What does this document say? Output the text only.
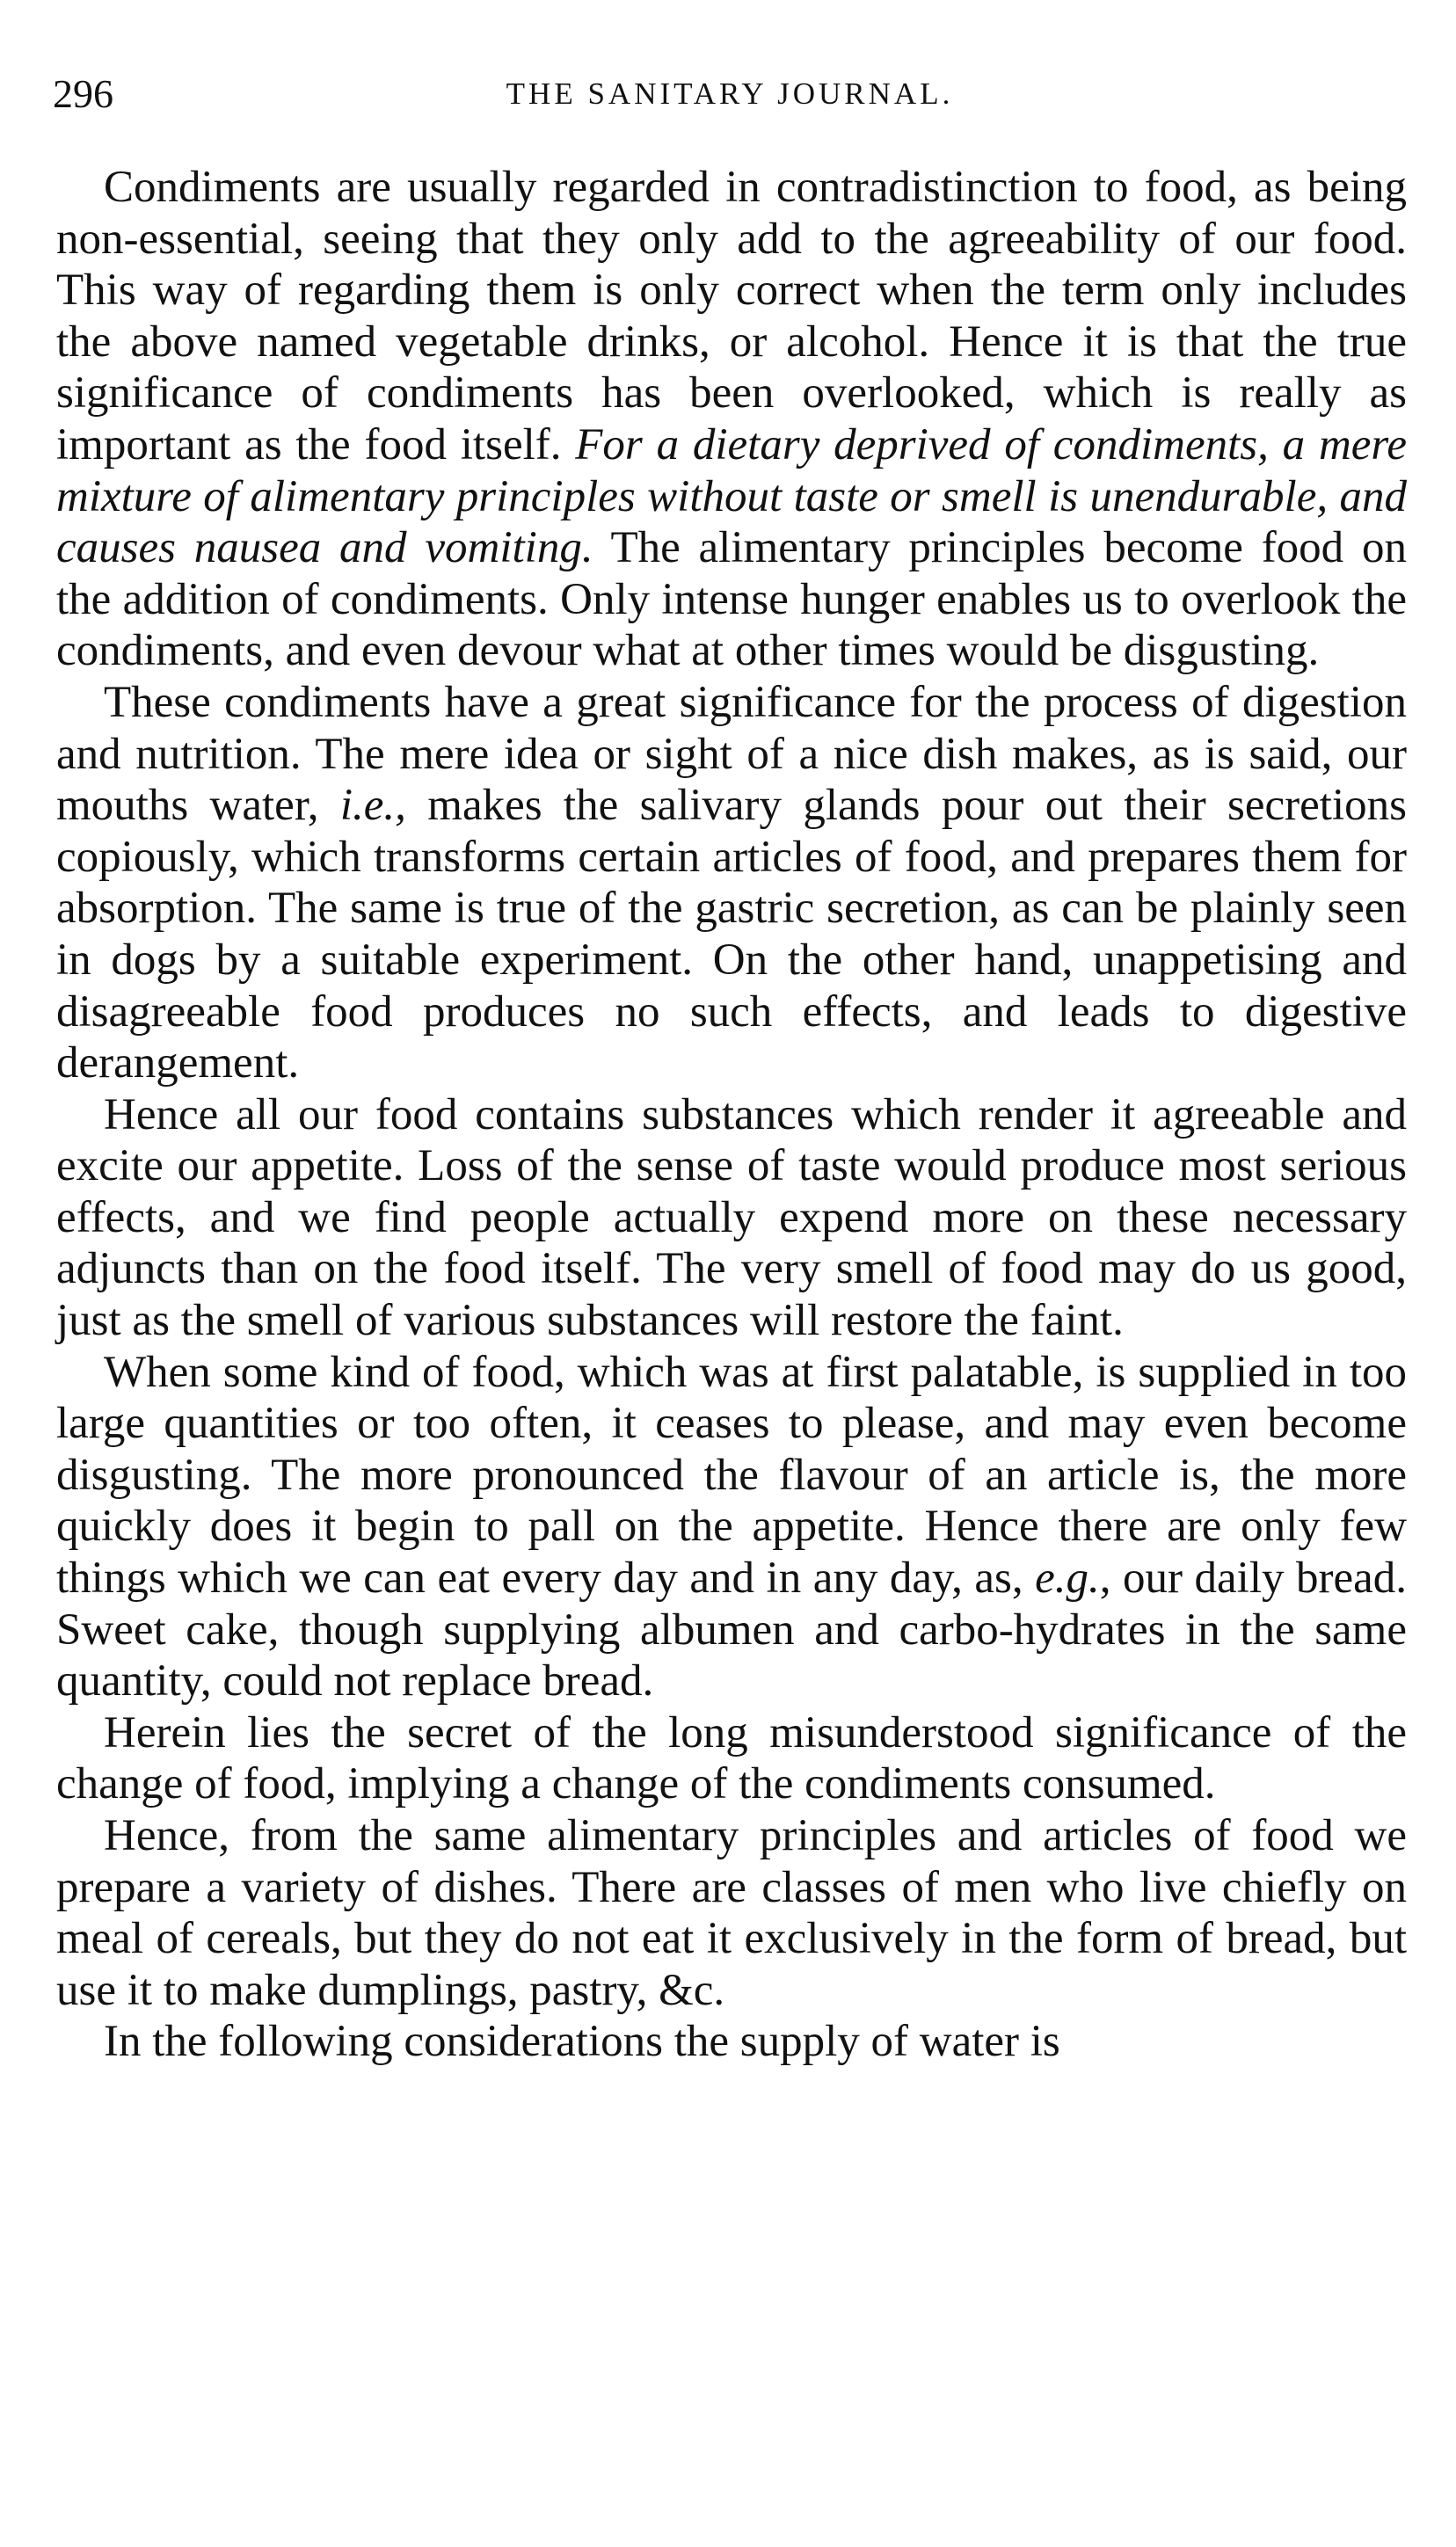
296	THE SANITARY JOURNAL.

Condiments are usually regarded in contradistinction to food, as being non-essential, seeing that they only add to the agreeability of our food. This way of regarding them is only correct when the term only includes the above named vegetable drinks, or alcohol. Hence it is that the true significance of condiments has been overlooked, which is really as important as the food itself. For a dietary deprived of condiments, a mere mixture of alimentary principles without taste or smell is unendurable, and causes nausea and vomiting. The alimentary principles become food on the addition of condiments. Only intense hunger enables us to overlook the condiments, and even devour what at other times would be disgusting.

These condiments have a great significance for the process of digestion and nutrition. The mere idea or sight of a nice dish makes, as is said, our mouths water, i.e., makes the salivary glands pour out their secretions copiously, which transforms certain articles of food, and prepares them for absorption. The same is true of the gastric secretion, as can be plainly seen in dogs by a suitable experiment. On the other hand, unappetising and disagreeable food produces no such effects, and leads to digestive derangement.

Hence all our food contains substances which render it agreeable and excite our appetite. Loss of the sense of taste would produce most serious effects, and we find people actually expend more on these necessary adjuncts than on the food itself. The very smell of food may do us good, just as the smell of various substances will restore the faint.

When some kind of food, which was at first palatable, is supplied in too large quantities or too often, it ceases to please, and may even become disgusting. The more pronounced the flavour of an article is, the more quickly does it begin to pall on the appetite. Hence there are only few things which we can eat every day and in any day, as, e.g., our daily bread. Sweet cake, though supplying albumen and carbo-hydrates in the same quantity, could not replace bread.

Herein lies the secret of the long misunderstood significance of the change of food, implying a change of the condiments consumed.

Hence, from the same alimentary principles and articles of food we prepare a variety of dishes. There are classes of men who live chiefly on meal of cereals, but they do not eat it exclusively in the form of bread, but use it to make dumplings, pastry, &c.

In the following considerations the supply of water is
